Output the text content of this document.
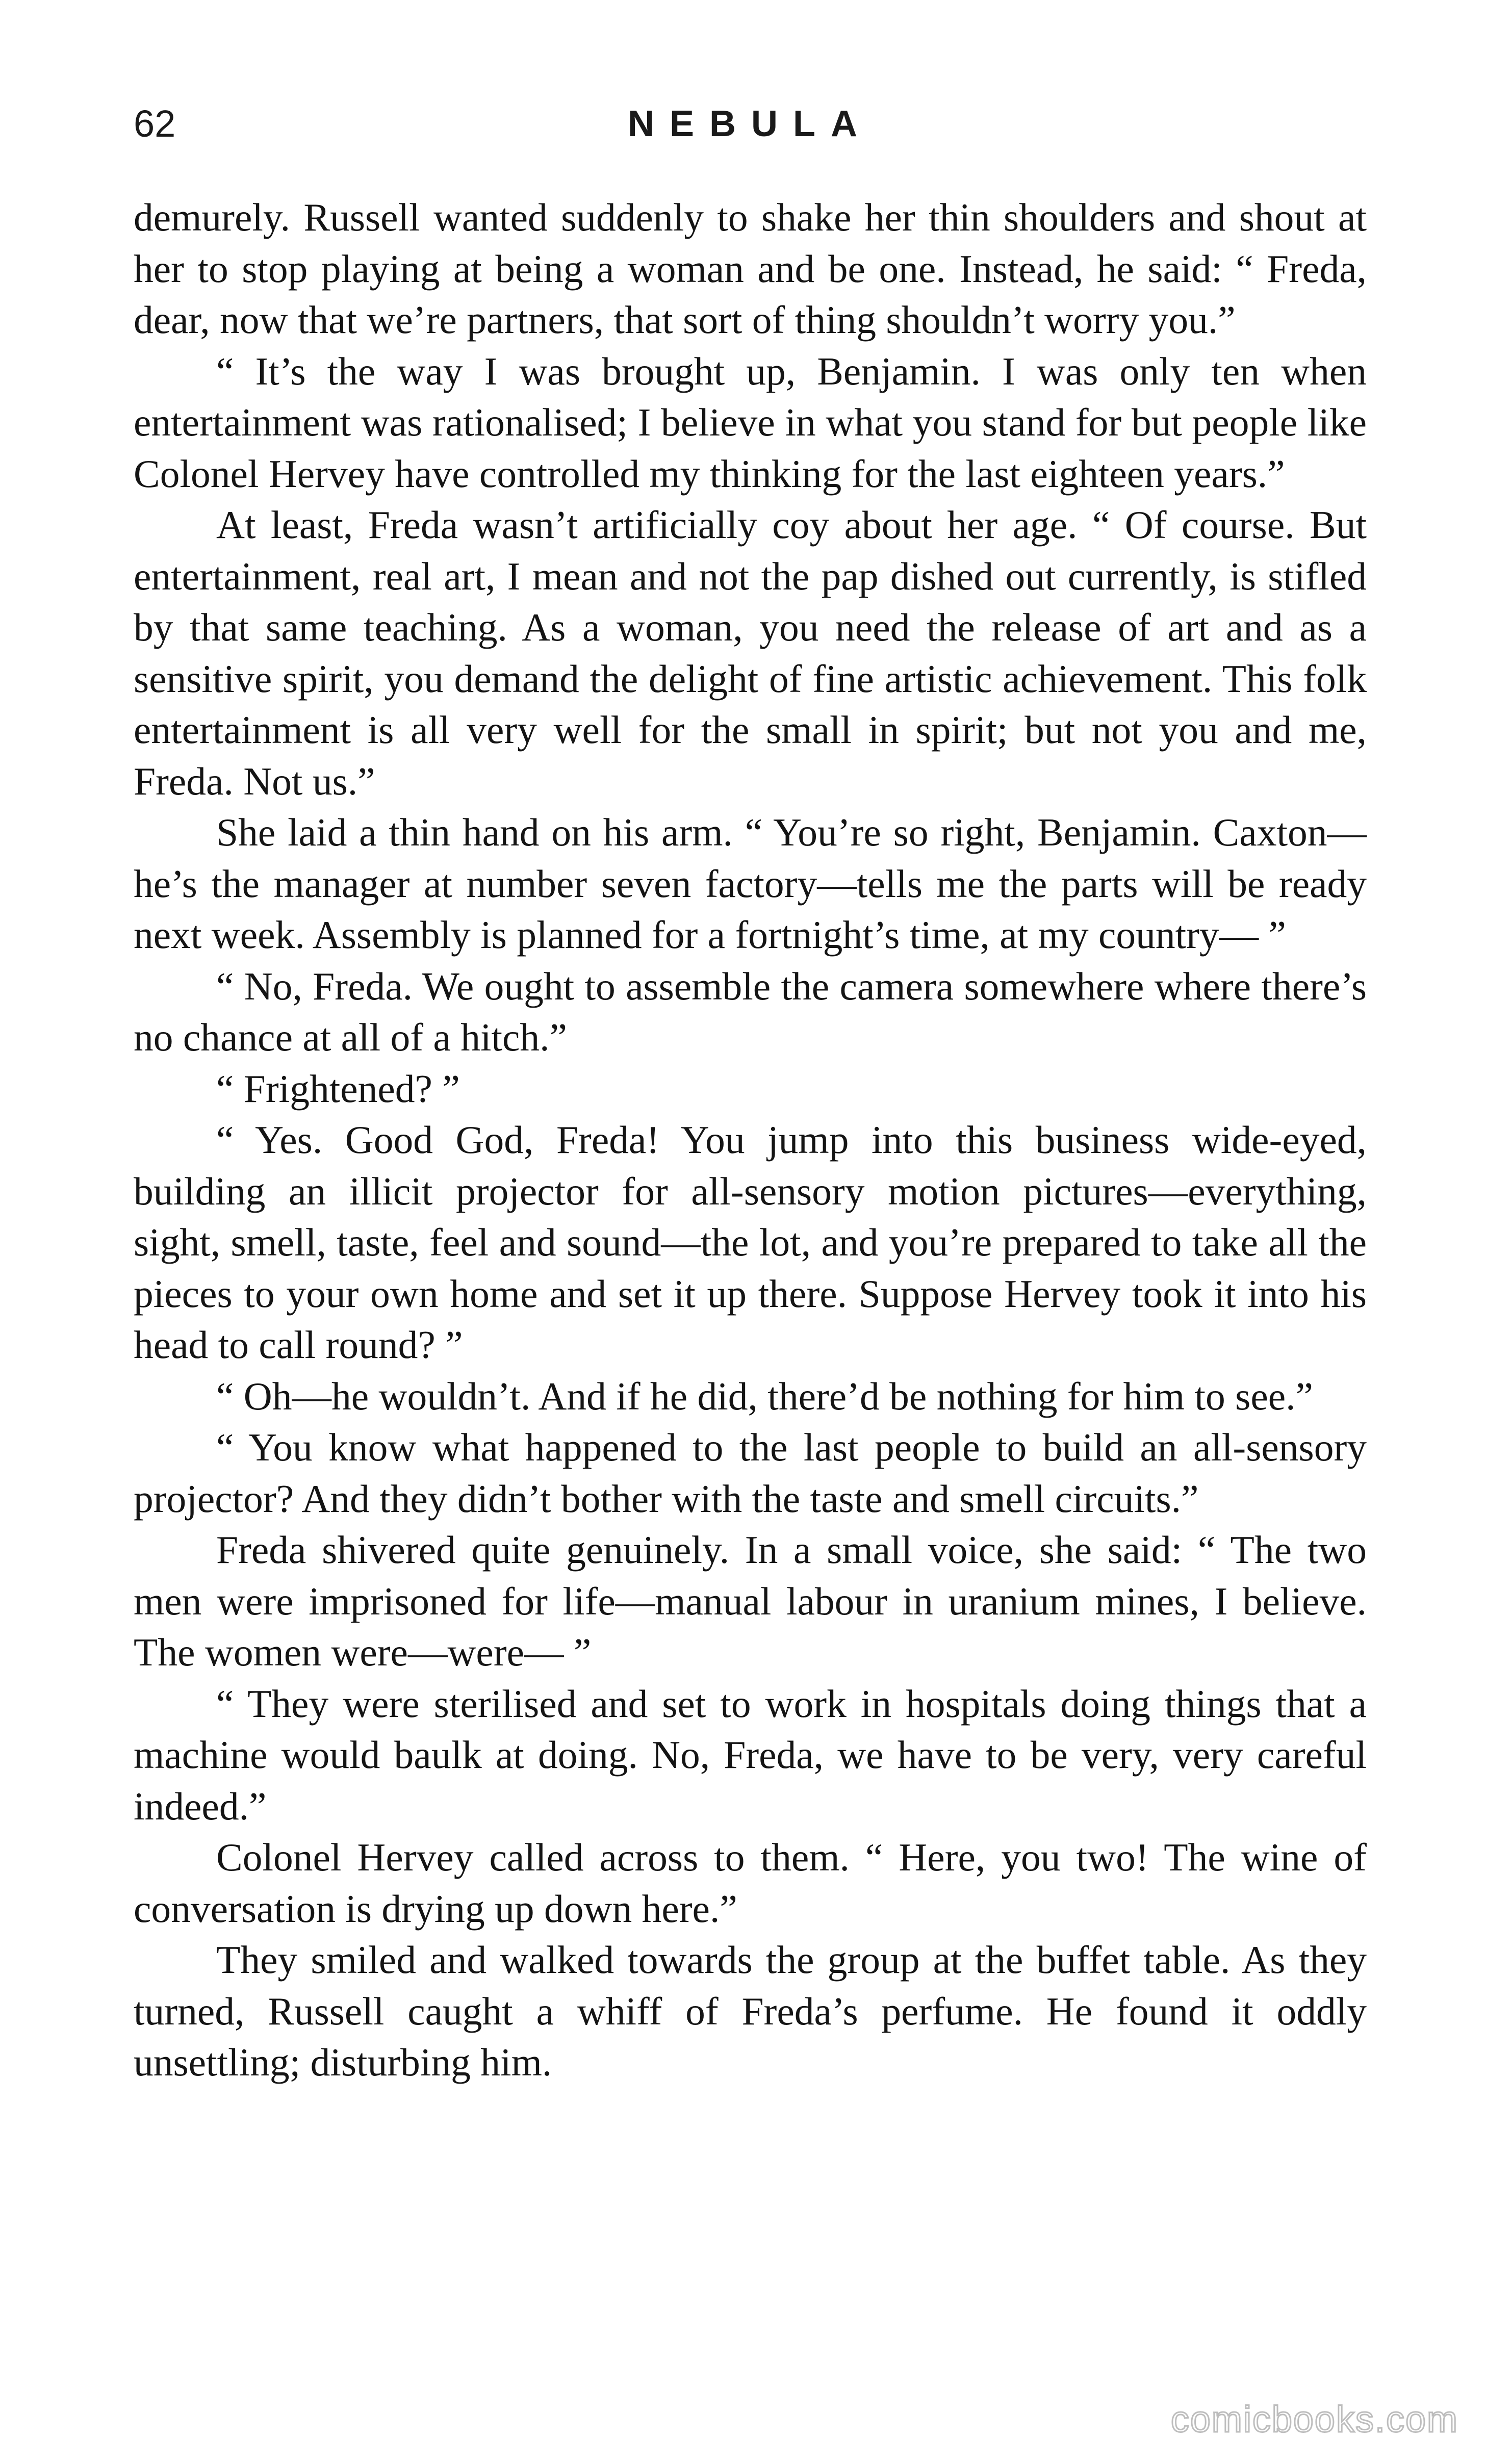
62	NEBULA

demurely. Russell wanted suddenly to shake her thin shoulders and shout at her to stop playing at being a woman and be one. Instead, he said: “ Freda, dear, now that we’re partners, that sort of thing shouldn’t worry you.”

“ It’s the way I was brought up, Benjamin. I was only ten when entertainment was rationalised; I believe in what you stand for but people like Colonel Hervey have controlled my thinking for the last eighteen years.”

At least, Freda wasn’t artificially coy about her age. “ Of course. But entertainment, real art, I mean and not the pap dished out currently, is stifled by that same teaching. As a woman, you need the release of art and as a sensitive spirit, you demand the delight of fine artistic achievement. This folk entertainment is all very well for the small in spirit; but not you and me, Freda. Not us.”

She laid a thin hand on his arm. “ You’re so right, Benjamin. Caxton—he’s the manager at number seven factory—tells me the parts will be ready next week. Assembly is planned for a fortnight’s time, at my country— ”

“ No, Freda. We ought to assemble the camera somewhere where there’s no chance at all of a hitch.”

“ Frightened? ”

“ Yes. Good God, Freda! You jump into this business wide-eyed, building an illicit projector for all-sensory motion pictures—everything, sight, smell, taste, feel and sound—the lot, and you’re prepared to take all the pieces to your own home and set it up there. Suppose Hervey took it into his head to call round? ”

“ Oh—he wouldn’t. And if he did, there’d be nothing for him to see.”

“ You know what happened to the last people to build an all-sensory projector? And they didn’t bother with the taste and smell circuits.”

Freda shivered quite genuinely. In a small voice, she said: “ The two men were imprisoned for life—manual labour in uranium mines, I believe. The women were—were— ”

“ They were sterilised and set to work in hospitals doing things that a machine would baulk at doing. No, Freda, we have to be very, very careful indeed.”

Colonel Hervey called across to them. “ Here, you two! The wine of conversation is drying up down here.”

They smiled and walked towards the group at the buffet table. As they turned, Russell caught a whiff of Freda’s perfume. He found it oddly unsettling; disturbing him.

comicbooks.com
